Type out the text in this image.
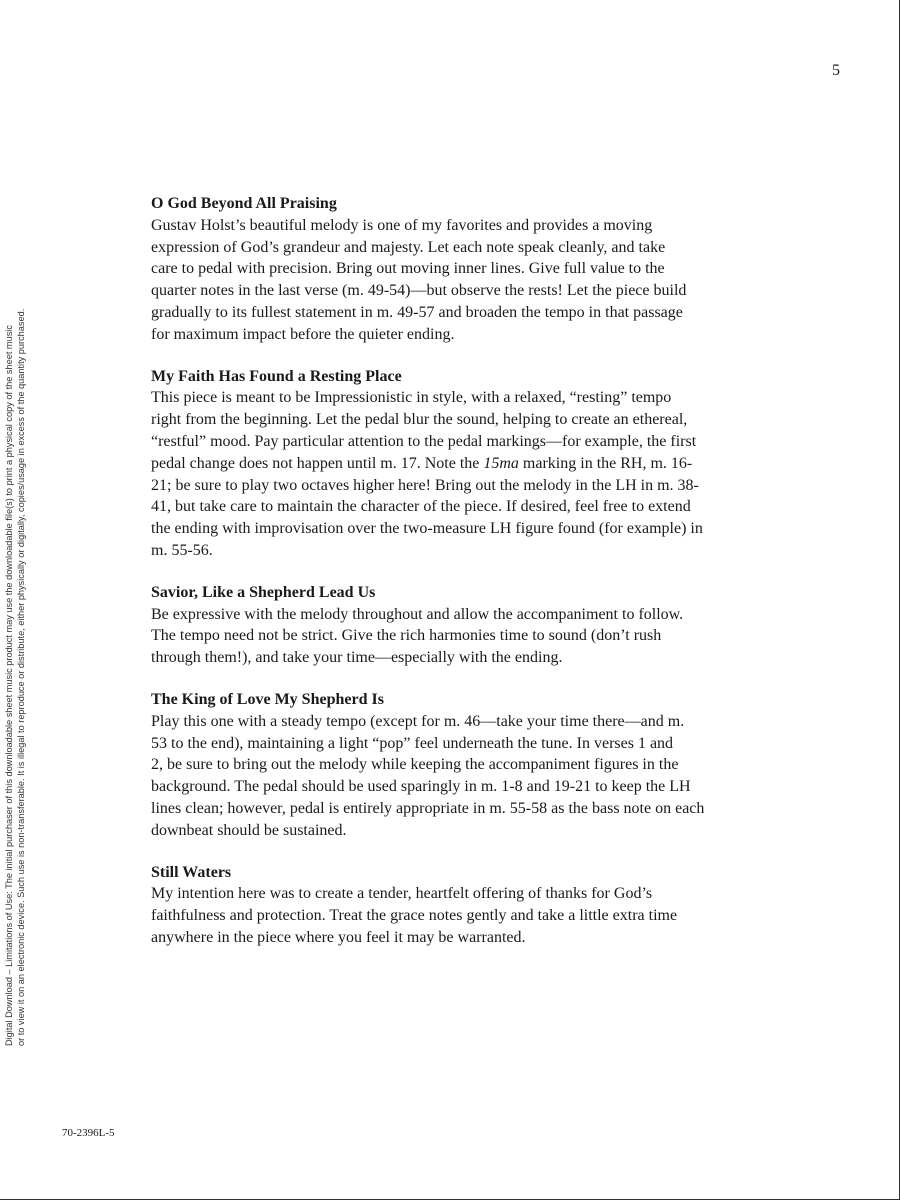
5
Digital Download – Limitations of Use: The initial purchaser of this downloadable sheet music product may use the downloadable file(s) to print a physical copy of the sheet music or to view it on an electronic device. Such use is non-transferable. It is illegal to reproduce or distribute, either physically or digitally, copies/usage in excess of the quantity purchased.
O God Beyond All Praising
Gustav Holst’s beautiful melody is one of my favorites and provides a moving
expression of God’s grandeur and majesty. Let each note speak cleanly, and take
care to pedal with precision. Bring out moving inner lines. Give full value to the
quarter notes in the last verse (m. 49-54)—but observe the rests! Let the piece build
gradually to its fullest statement in m. 49-57 and broaden the tempo in that passage
for maximum impact before the quieter ending.
My Faith Has Found a Resting Place
This piece is meant to be Impressionistic in style, with a relaxed, “resting” tempo
right from the beginning. Let the pedal blur the sound, helping to create an ethereal,
“restful” mood. Pay particular attention to the pedal markings—for example, the first
pedal change does not happen until m. 17. Note the 15ma marking in the RH, m. 16-
21; be sure to play two octaves higher here! Bring out the melody in the LH in m. 38-
41, but take care to maintain the character of the piece. If desired, feel free to extend
the ending with improvisation over the two-measure LH figure found (for example) in
m. 55-56.
Savior, Like a Shepherd Lead Us
Be expressive with the melody throughout and allow the accompaniment to follow.
The tempo need not be strict. Give the rich harmonies time to sound (don’t rush
through them!), and take your time—especially with the ending.
The King of Love My Shepherd Is
Play this one with a steady tempo (except for m. 46—take your time there—and m.
53 to the end), maintaining a light “pop” feel underneath the tune. In verses 1 and
2, be sure to bring out the melody while keeping the accompaniment figures in the
background. The pedal should be used sparingly in m. 1-8 and 19-21 to keep the LH
lines clean; however, pedal is entirely appropriate in m. 55-58 as the bass note on each
downbeat should be sustained.
Still Waters
My intention here was to create a tender, heartfelt offering of thanks for God’s
faithfulness and protection. Treat the grace notes gently and take a little extra time
anywhere in the piece where you feel it may be warranted.
70-2396L-5
